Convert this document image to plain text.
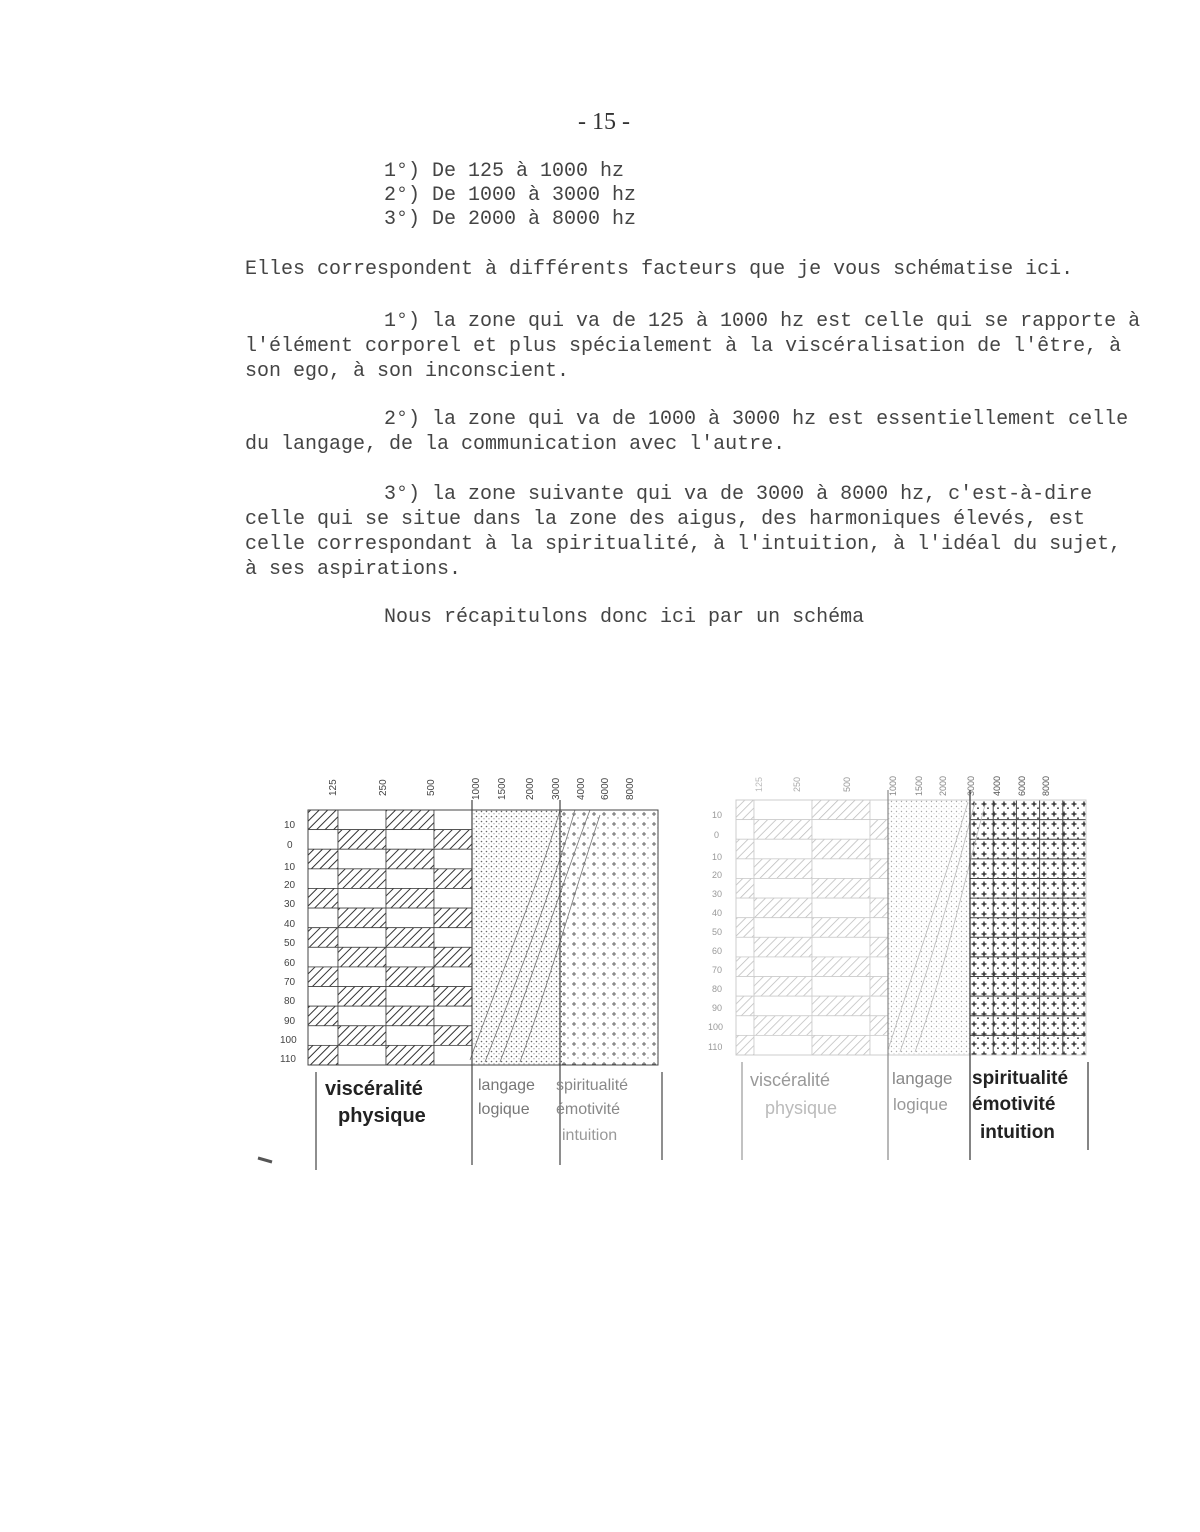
- 15 -
1°) De 125 à 1000 hz
2°) De 1000 à 3000 hz
3°) De 2000 à 8000 hz
Elles correspondent à différents facteurs que je vous schématise ici.
1°) la zone qui va de 125 à 1000 hz est celle qui se rapporte à
l'élément corporel et plus spécialement à la viscéralisation de l'être, à
son ego, à son inconscient.
2°) la zone qui va de 1000 à 3000 hz est essentiellement celle
du langage, de la communication avec l'autre.
3°) la zone suivante qui va de 3000 à 8000 hz, c'est-à-dire
celle qui se situe dans la zone des aigus, des harmoniques élevés, est
celle correspondant à la spiritualité, à l'intuition, à l'idéal du sujet,
à ses aspirations.
Nous récapitulons donc ici par un schéma
125	250	500	1000 1500 2000 3000 4000 6000 8000
10
0
10
20
30
40
50
60
70
80
90
100
110
viscéralité
physique
langage
logique
spiritualité
émotivité
intuition
125	250	500	1000 1500 2000 3000 4000 6000 8000
10
0
10
20
30
40
50
60
70
80
90
100
110
viscéralité
physique
langage
logique
spiritualité
émotivité
intuition
